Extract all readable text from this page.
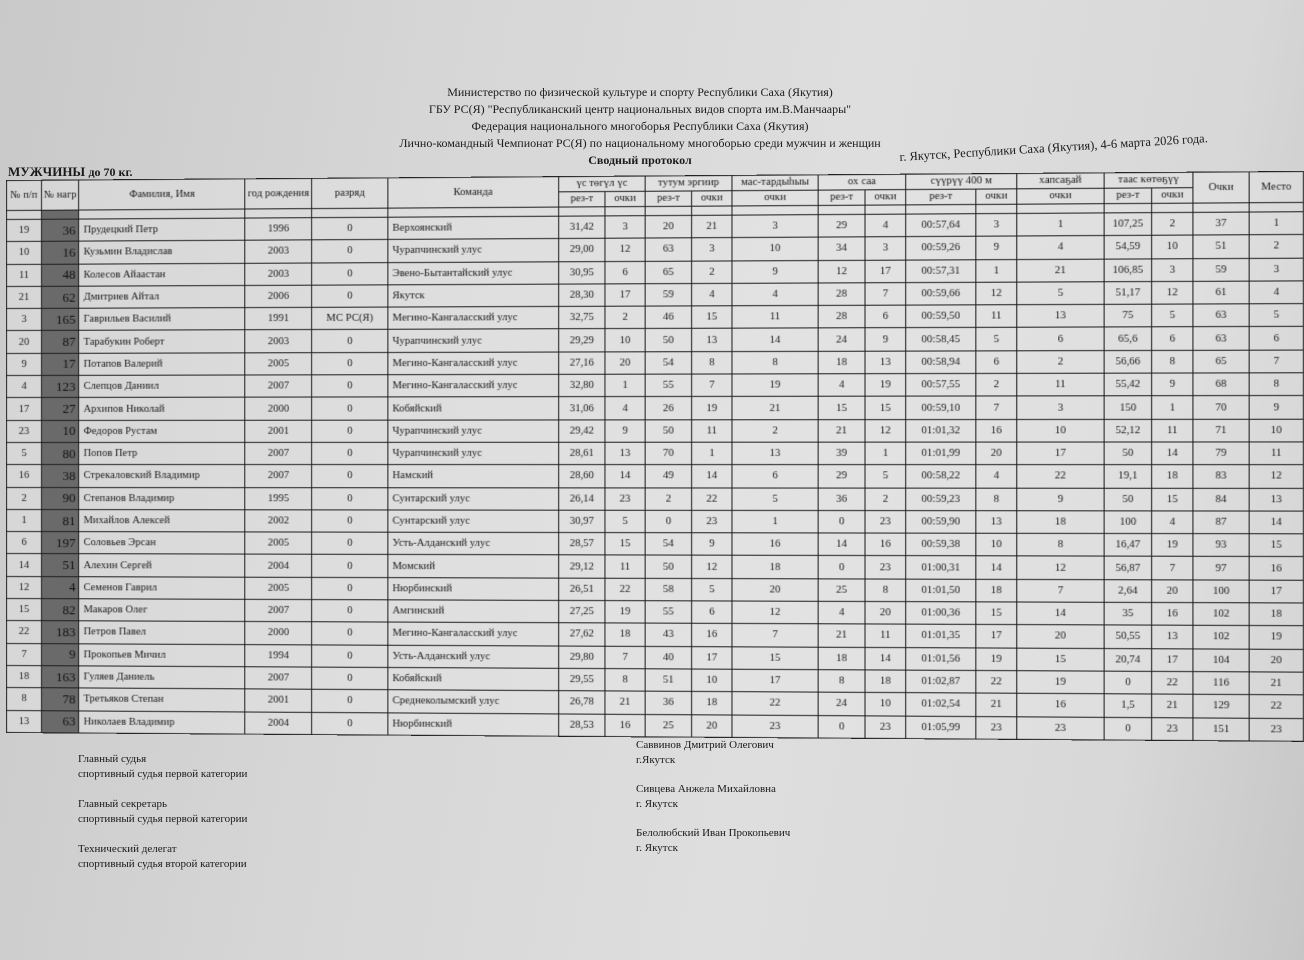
Министерство по физической культуре и спорту Республики Саха (Якутия)
ГБУ РС(Я) "Республиканский центр национальных видов спорта им.В.Манчаары"
Федерация национального многоборья Республики Саха (Якутия)
Лично-командный Чемпионат РС(Я) по национальному многоборью среди мужчин и женщин
Сводный протокол
МУЖЧИНЫ до 70 кг.
г. Якутск, Республики Саха (Якутия), 4-6 марта 2026 года.
№ п/п	№ нагр	Фамилия, Имя	год рождения	разряд	Команда	үс төгүл үс		тутум эргиир		мас-тардыһыы	ох саа		сүүрүү 400 м		хапсаҕай	таас көтөҕүү		Очки	Место
						рез-т	очки	рез-т	очки	очки	рез-т	очки	рез-т	очки	очки	рез-т	очки		

19	36	Прудецкий Петр	1996	0	Верхоянский	31,42	3	20	21	3	29	4	00:57,64	3	1	107,25	2	37	1
10	16	Кузьмин Владислав	2003	0	Чурапчинский улус	29,00	12	63	3	10	34	3	00:59,26	9	4	54,59	10	51	2
11	48	Колесов Айаастан	2003	0	Эвено-Бытантайский улус	30,95	6	65	2	9	12	17	00:57,31	1	21	106,85	3	59	3
21	62	Дмитриев Айтал	2006	0	Якутск	28,30	17	59	4	4	28	7	00:59,66	12	5	51,17	12	61	4
3	165	Гаврильев Василий	1991	МС РС(Я)	Мегино-Кангаласский улус	32,75	2	46	15	11	28	6	00:59,50	11	13	75	5	63	5
20	87	Тарабукин Роберт	2003	0	Чурапчинский улус	29,29	10	50	13	14	24	9	00:58,45	5	6	65,6	6	63	6
9	17	Потапов Валерий	2005	0	Мегино-Кангаласский улус	27,16	20	54	8	8	18	13	00:58,94	6	2	56,66	8	65	7
4	123	Слепцов Даниил	2007	0	Мегино-Кангаласский улус	32,80	1	55	7	19	4	19	00:57,55	2	11	55,42	9	68	8
17	27	Архипов Николай	2000	0	Кобяйский	31,06	4	26	19	21	15	15	00:59,10	7	3	150	1	70	9
23	10	Федоров Рустам	2001	0	Чурапчинский улус	29,42	9	50	11	2	21	12	01:01,32	16	10	52,12	11	71	10
5	80	Попов Петр	2007	0	Чурапчинский улус	28,61	13	70	1	13	39	1	01:01,99	20	17	50	14	79	11
16	38	Стрекаловский Владимир	2007	0	Намский	28,60	14	49	14	6	29	5	00:58,22	4	22	19,1	18	83	12
2	90	Степанов Владимир	1995	0	Сунтарский улус	26,14	23	2	22	5	36	2	00:59,23	8	9	50	15	84	13
1	81	Михайлов Алексей	2002	0	Сунтарский улус	30,97	5	0	23	1	0	23	00:59,90	13	18	100	4	87	14
6	197	Соловьев Эрсан	2005	0	Усть-Алданский улус	28,57	15	54	9	16	14	16	00:59,38	10	8	16,47	19	93	15
14	51	Алехин Сергей	2004	0	Момский	29,12	11	50	12	18	0	23	01:00,31	14	12	56,87	7	97	16
12	4	Семенов Гаврил	2005	0	Нюрбинский	26,51	22	58	5	20	25	8	01:01,50	18	7	2,64	20	100	17
15	82	Макаров Олег	2007	0	Амгинский	27,25	19	55	6	12	4	20	01:00,36	15	14	35	16	102	18
22	183	Петров Павел	2000	0	Мегино-Кангаласский улус	27,62	18	43	16	7	21	11	01:01,35	17	20	50,55	13	102	19
7	9	Прокопьев Мичил	1994	0	Усть-Алданский улус	29,80	7	40	17	15	18	14	01:01,56	19	15	20,74	17	104	20
18	163	Гуляев Даниель	2007	0	Кобяйский	29,55	8	51	10	17	8	18	01:02,87	22	19	0	22	116	21
8	78	Третьяков Степан	2001	0	Среднеколымский улус	26,78	21	36	18	22	24	10	01:02,54	21	16	1,5	21	129	22
13	63	Николаев Владимир	2004	0	Нюрбинский	28,53	16	25	20	23	0	23	01:05,99	23	23	0	23	151	23
Главный судья
спортивный судья первой категории
Главный секретарь
спортивный судья первой категории
Технический делегат
спортивный судья второй категории
Саввинов Дмитрий Олегович
г.Якутск
Сивцева Анжела Михайловна
г. Якутск
Белолюбский Иван Прокопьевич
г. Якутск
